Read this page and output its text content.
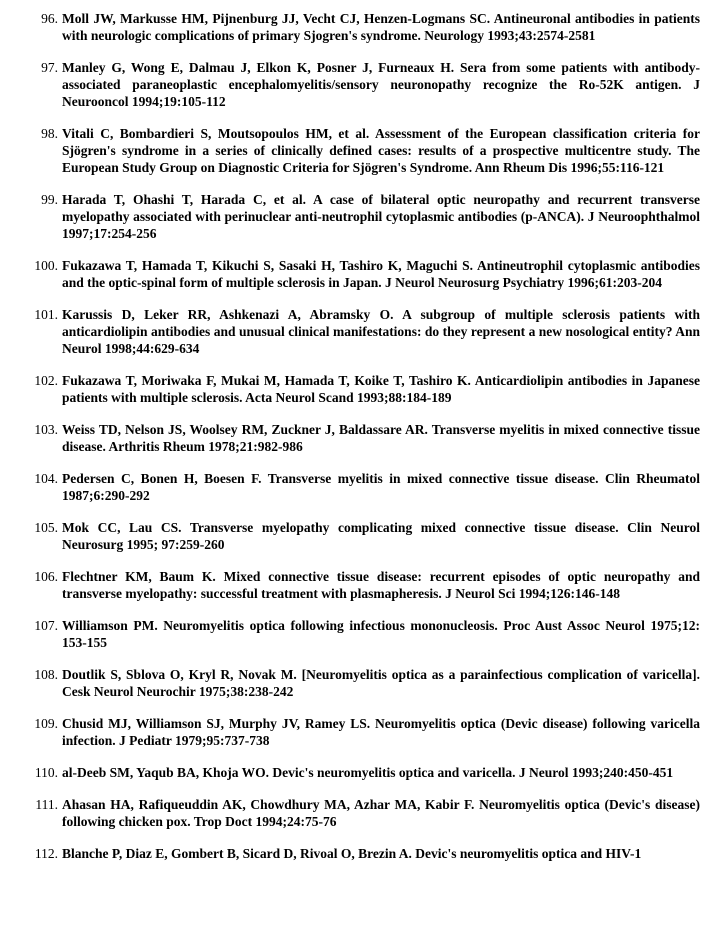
96. Moll JW, Markusse HM, Pijnenburg JJ, Vecht CJ, Henzen-Logmans SC. Antineuronal antibodies in patients with neurologic complications of primary Sjogren's syndrome. Neurology 1993;43:2574-2581
97. Manley G, Wong E, Dalmau J, Elkon K, Posner J, Furneaux H. Sera from some patients with antibody-associated paraneoplastic encephalomyelitis/sensory neuronopathy recognize the Ro-52K antigen. J Neurooncol 1994;19:105-112
98. Vitali C, Bombardieri S, Moutsopoulos HM, et al. Assessment of the European classification criteria for Sjögren's syndrome in a series of clinically defined cases: results of a prospective multicentre study. The European Study Group on Diagnostic Criteria for Sjögren's Syndrome. Ann Rheum Dis 1996;55:116-121
99. Harada T, Ohashi T, Harada C, et al. A case of bilateral optic neuropathy and recurrent transverse myelopathy associated with perinuclear anti-neutrophil cytoplasmic antibodies (p-ANCA). J Neuroophthalmol 1997;17:254-256
100. Fukazawa T, Hamada T, Kikuchi S, Sasaki H, Tashiro K, Maguchi S. Antineutrophil cytoplasmic antibodies and the optic-spinal form of multiple sclerosis in Japan. J Neurol Neurosurg Psychiatry 1996;61:203-204
101. Karussis D, Leker RR, Ashkenazi A, Abramsky O. A subgroup of multiple sclerosis patients with anticardiolipin antibodies and unusual clinical manifestations: do they represent a new nosological entity? Ann Neurol 1998;44:629-634
102. Fukazawa T, Moriwaka F, Mukai M, Hamada T, Koike T, Tashiro K. Anticardiolipin antibodies in Japanese patients with multiple sclerosis. Acta Neurol Scand 1993;88:184-189
103. Weiss TD, Nelson JS, Woolsey RM, Zuckner J, Baldassare AR. Transverse myelitis in mixed connective tissue disease. Arthritis Rheum 1978;21:982-986
104. Pedersen C, Bonen H, Boesen F. Transverse myelitis in mixed connective tissue disease. Clin Rheumatol 1987;6:290-292
105. Mok CC, Lau CS. Transverse myelopathy complicating mixed connective tissue disease. Clin Neurol Neurosurg 1995; 97:259-260
106. Flechtner KM, Baum K. Mixed connective tissue disease: recurrent episodes of optic neuropathy and transverse myelopathy: successful treatment with plasmapheresis. J Neurol Sci 1994;126:146-148
107. Williamson PM. Neuromyelitis optica following infectious mononucleosis. Proc Aust Assoc Neurol 1975;12: 153-155
108. Doutlik S, Sblova O, Kryl R, Novak M. [Neuromyelitis optica as a parainfectious complication of varicella]. Cesk Neurol Neurochir 1975;38:238-242
109. Chusid MJ, Williamson SJ, Murphy JV, Ramey LS. Neuromyelitis optica (Devic disease) following varicella infection. J Pediatr 1979;95:737-738
110. al-Deeb SM, Yaqub BA, Khoja WO. Devic's neuromyelitis optica and varicella. J Neurol 1993;240:450-451
111. Ahasan HA, Rafiqueuddin AK, Chowdhury MA, Azhar MA, Kabir F. Neuromyelitis optica (Devic's disease) following chicken pox. Trop Doct 1994;24:75-76
112. Blanche P, Diaz E, Gombert B, Sicard D, Rivoal O, Brezin A. Devic's neuromyelitis optica and HIV-1
